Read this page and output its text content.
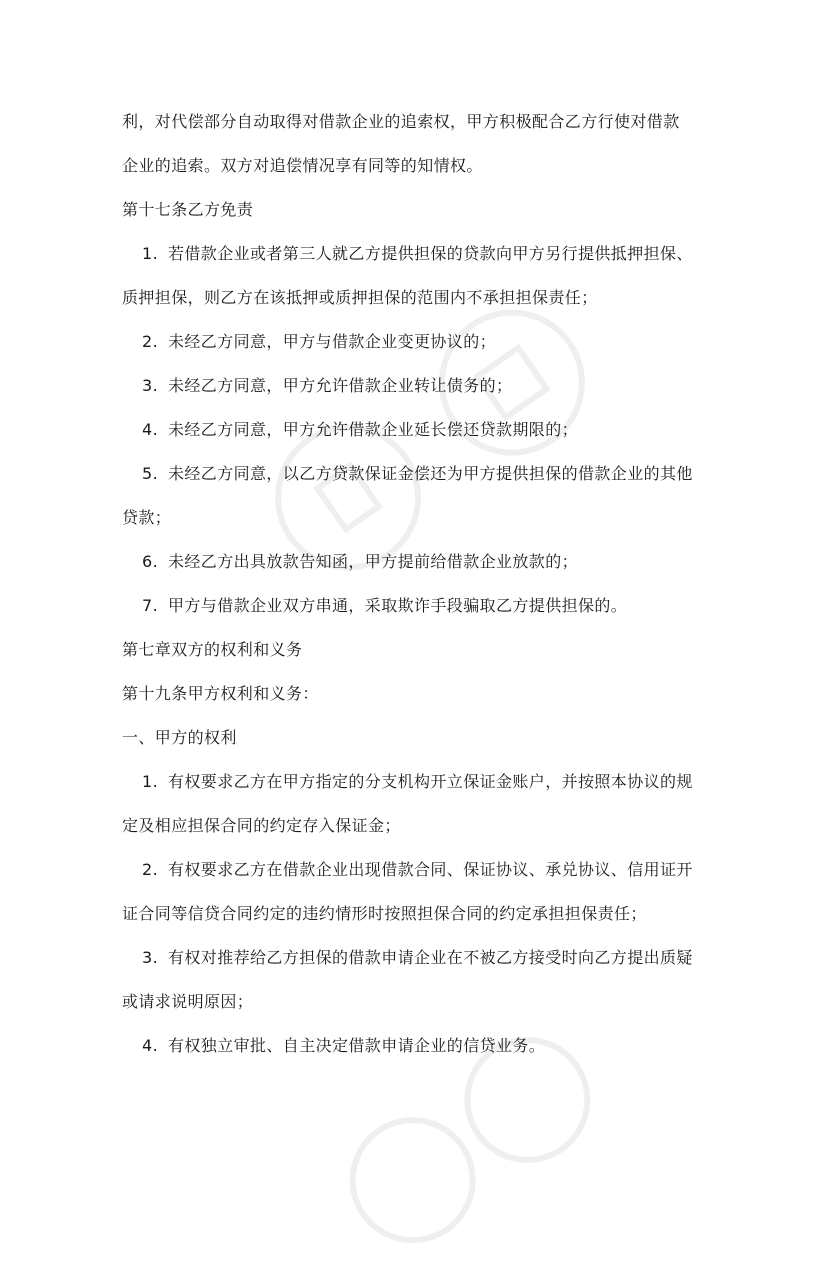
利，对代偿部分自动取得对借款企业的追索权，甲方积极配合乙方行使对借款
企业的追索。双方对追偿情况享有同等的知情权。
第十七条乙方免责
1. 若借款企业或者第三人就乙方提供担保的贷款向甲方另行提供抵押担保、
质押担保，则乙方在该抵押或质押担保的范围内不承担担保责任；
2. 未经乙方同意，甲方与借款企业变更协议的；
3. 未经乙方同意，甲方允许借款企业转让债务的；
4. 未经乙方同意，甲方允许借款企业延长偿还贷款期限的；
5. 未经乙方同意，以乙方贷款保证金偿还为甲方提供担保的借款企业的其他
贷款；
6. 未经乙方出具放款告知函，甲方提前给借款企业放款的；
7. 甲方与借款企业双方串通，采取欺诈手段骗取乙方提供担保的。
第七章双方的权利和义务
第十九条甲方权利和义务：
一、甲方的权利
1. 有权要求乙方在甲方指定的分支机构开立保证金账户，并按照本协议的规
定及相应担保合同的约定存入保证金；
2. 有权要求乙方在借款企业出现借款合同、保证协议、承兑协议、信用证开
证合同等信贷合同约定的违约情形时按照担保合同的约定承担担保责任；
3. 有权对推荐给乙方担保的借款申请企业在不被乙方接受时向乙方提出质疑
或请求说明原因；
4. 有权独立审批、自主决定借款申请企业的信贷业务。
